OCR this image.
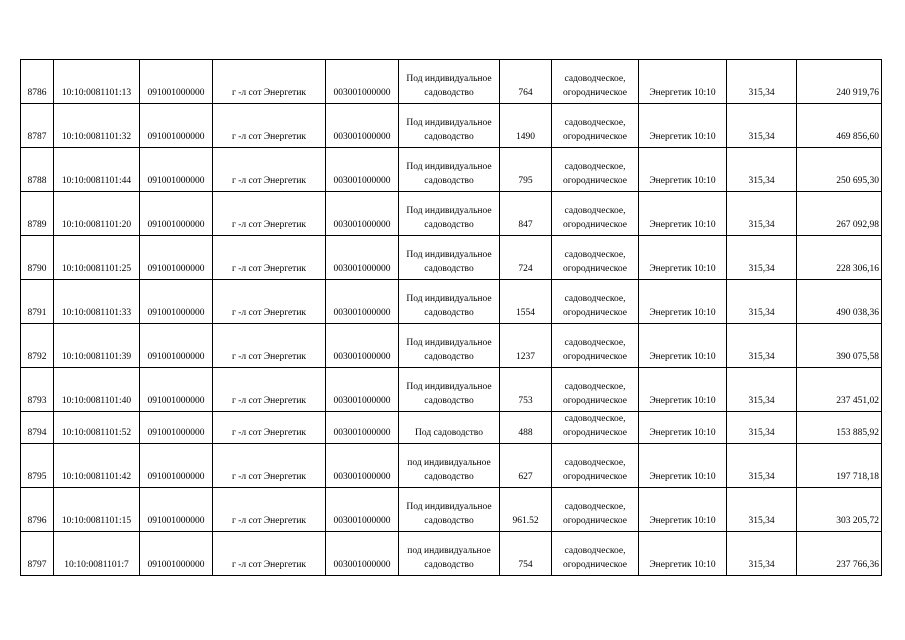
8786	10:10:0081101:13	091001000000	г -л сот Энергетик	003001000000	Под индивидуальное садоводство	764	садоводческое, огородническое	Энергетик 10:10	315,34	240 919,76
8787	10:10:0081101:32	091001000000	г -л сот Энергетик	003001000000	Под индивидуальное садоводство	1490	садоводческое, огородническое	Энергетик 10:10	315,34	469 856,60
8788	10:10:0081101:44	091001000000	г -л сот Энергетик	003001000000	Под индивидуальное садоводство	795	садоводческое, огородническое	Энергетик 10:10	315,34	250 695,30
8789	10:10:0081101:20	091001000000	г -л сот Энергетик	003001000000	Под индивидуальное садоводство	847	садоводческое, огородническое	Энергетик 10:10	315,34	267 092,98
8790	10:10:0081101:25	091001000000	г -л сот Энергетик	003001000000	Под индивидуальное садоводство	724	садоводческое, огородническое	Энергетик 10:10	315,34	228 306,16
8791	10:10:0081101:33	091001000000	г -л сот Энергетик	003001000000	Под индивидуальное садоводство	1554	садоводческое, огородническое	Энергетик 10:10	315,34	490 038,36
8792	10:10:0081101:39	091001000000	г -л сот Энергетик	003001000000	Под индивидуальное садоводство	1237	садоводческое, огородническое	Энергетик 10:10	315,34	390 075,58
8793	10:10:0081101:40	091001000000	г -л сот Энергетик	003001000000	Под индивидуальное садоводство	753	садоводческое, огородническое	Энергетик 10:10	315,34	237 451,02
8794	10:10:0081101:52	091001000000	г -л сот Энергетик	003001000000	Под садоводство	488	садоводческое, огородническое	Энергетик 10:10	315,34	153 885,92
8795	10:10:0081101:42	091001000000	г -л сот Энергетик	003001000000	под индивидуальное садоводство	627	садоводческое, огородническое	Энергетик 10:10	315,34	197 718,18
8796	10:10:0081101:15	091001000000	г -л сот Энергетик	003001000000	Под индивидуальное садоводство	961.52	садоводческое, огородническое	Энергетик 10:10	315,34	303 205,72
8797	10:10:0081101:7	091001000000	г -л сот Энергетик	003001000000	под индивидуальное садоводство	754	садоводческое, огородническое	Энергетик 10:10	315,34	237 766,36
